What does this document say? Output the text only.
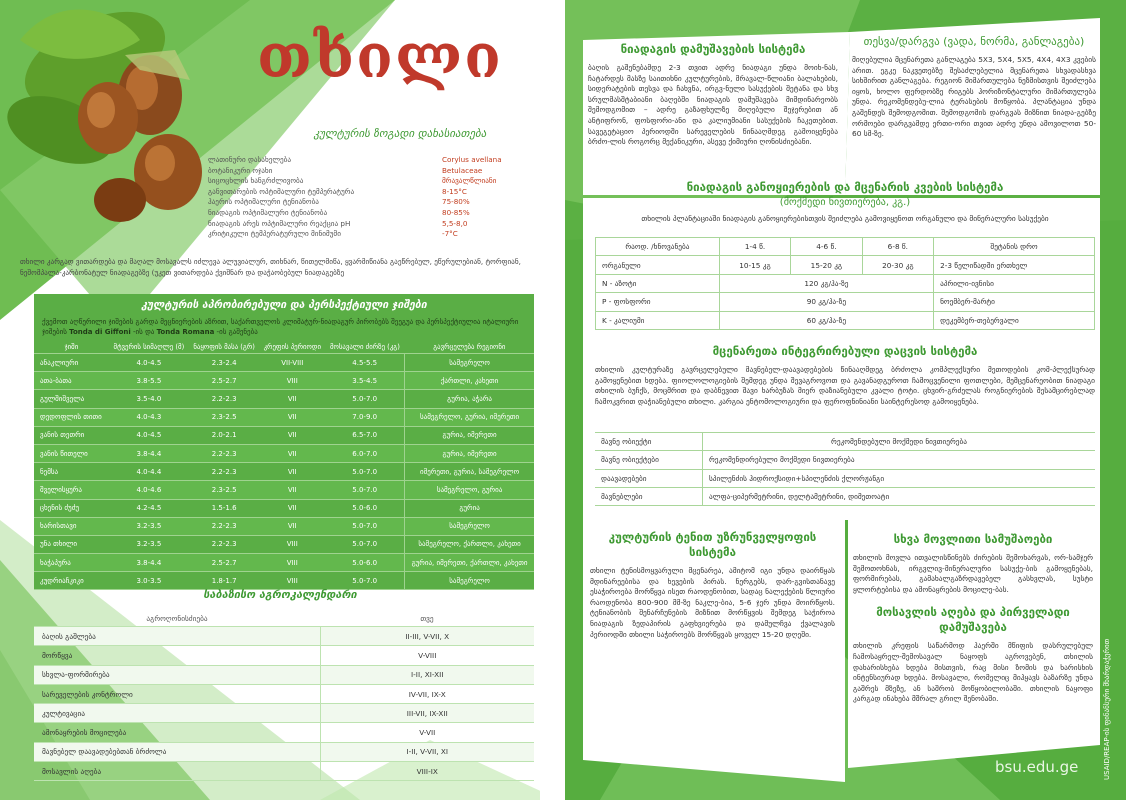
თხილი
კულტურის ზოგადი დახასიათება
ლათინური დასახელება	Corylus avellana
ბოტანიკური ოჯახი	Betulaceae
სიცოცხლის ხანგრძლივობა	მრავალწლიანი
განვითარების ოპტიმალური ტემპერატურა	8-15°C
ჰაერის ოპტიმალური ტენიანობა	75-80%
ნიადაგის ოპტიმალური ტენიანობა	80-85%
ნიადაგის არეს ოპტიმალური რეაქცია pH	5,5-8,0
კრიტიკული ტემპერატურული მინიმუმი	-7°C

თხილი კარგად ვითარდება და მაღალ მოსავალს იძლევა ალუვიალურ, თიხნარ, წითელმიწა, ყვარმიწიანა გაეწრებულ, ეწერულებიან, ტორფიან, ნეშომპალა-კარბონატულ ნიადაგებზე (უკეთ ვითარდება ქვიშნარ და დაჭაობებულ ნიადაგებზე

კულტურის აპრობირებული და პერსპექტიული ჯიშები
ქვემოთ აღწერილი ჯიშების გარდა მეცნიერების აზრით, საქართველოს კლიმატურ-ნიადაგურ პირობებს შეეგუა და პერსპექტიულია იტალიური ჯიშების Tonda di Giffoni -ის და Tonda Romana -ის გაშენება
ჯიში	მტვერის სიმაღლე (მ)	ნაყოფის მასა (გრ)	კრეფის პერიოდი	მოსავალი ძირზე (კგ)	გავრცელება რეგიონი
ანაკლიური	4.0-4.5	2.3-2.4	VII-VIII	4.5-5.5	სამეგრელო
ათა-ბათა	3.8-5.5	2.5-2.7	VIII	3.5-4.5	ქართლი, კახეთი
გულშიშველა	3.5-4.0	2.2-2.3	VII	5.0-7.0	გურია, აჭარა
დედოფლის თითი	4.0-4.3	2.3-2.5	VII	7.0-9.0	სამეგრელო, გურია, იმერეთი
ვანის თეთრი	4.0-4.5	2.0-2.1	VII	6.5-7.0	გურია, იმერეთი
ვანის წითელი	3.8-4.4	2.2-2.3	VII	6.0-7.0	გურია, იმერეთი
ნემსა	4.0-4.4	2.2-2.3	VII	5.0-7.0	იმერეთი, გურია, სამეგრელო
შველისყურა	4.0-4.6	2.3-2.5	VII	5.0-7.0	სამეგრელო, გურია
ცხენის ძუძუ	4.2-4.5	1.5-1.6	VII	5.0-6.0	გურია
ხარისთავი	3.2-3.5	2.2-2.3	VII	5.0-7.0	სამეგრელო
უნა თხილი	3.2-3.5	2.2-2.3	VIII	5.0-7.0	სამეგრელო, ქართლი, კახეთი
ხაჭაპურა	3.8-4.4	2.5-2.7	VIII	5.0-6.0	გურია, იმერეთი, ქართლი, კახეთი
კუდრიაჩკიკი	3.0-3.5	1.8-1.7	VIII	5.0-7.0	სამეგრელო
საბაზისო აგროკალენდარი
აგროღონისძიება	თვე
ბაღის გაშლება	II-III, V-VII, X
მორწყვა	V-VIII
სხვლა-ფორმირება	I-II, XI-XII
სარეველების კონტროლი	IV-VII, IX-X
კულტივაცია	III-VII, IX-XII
ამონაყრების მოცილება	V-VII
მავნებელ დაავადებებთან ბრძოლა	I-II, V-VII, XI
მოსავლის აღება	VIII-IX

ნიადაგის დამუშავების სისტემა

ბაღის გაშენებამდე 2-3 თვით ადრე ნიადაგი უნდა მოიხ-ნას, ჩატარდეს მასზე საითიხნი კულტურების, მრავალ-წლიანი ბალახების, სიდერატების თესვა და ჩახვნა, ირგვ-ნული სასუქების შეტანა და სხვ სრულმასშტაბიანი ბაღებში ნიადაგის დამუშავება მიმდინარეობს შემოდგომით – ადრე გაზაფხულზე მიღებული შეჯერებით ან ანტიფრონ, ფოსფორი-ანი და კალიუმიანი სასუქების ჩაკეთებით. სავეგეტაციო პერიოდში სარეველების წინააღმდეგ გამოიყენება ბრძო-ლის როგორც მექანიკური, ასევე ქიმიური ღონისძიებანი.

თესვა/დარგვა (ვადა, ნორმა, განლაგება)

მიღებულია მცენარეთა განლაგება 5X3, 5X4, 5X5, 4X4, 4X3 კვების არით. ეგკე ნაკვეთებზე შესაძლებელია მცენარეთა სხვადასხვა სიხშირით განლაგება. რეგიონ მიმართულება ნეზმისთვის შეიძლება იყოს, ხოლო ფერდობზე რიგებს ჰორიზონტალური მიმართულება უნდა. რეკომენდებუ-ლია ტერასების მოწყობა. პლანტაცია უნდა გაშენდეს შემოდგომით. შემოდგომის დარგვას მიზნით ნიადა-გებზე ორმოები დარგვამდე ერთი-ორი თვით ადრე უნდა ამოვილოთ 50-60 სმ-ზე.

ნიადაგის განოყიერების და მცენარის კვების სისტემა

(მოქმედი ნივთიერება, კგ.)

თხილის პლანტაციაში ნიადაგის განოყიერებისთვის შეიძლება გამოვიყენოთ ორგანული და მინერალური სასუქები

რაოდ. /ხნოვანება	1-4 წ.	4-6 წ.	6-8 წ.	შეტანის დრო
ორგანული	10-15 კგ	15-20 კგ	20-30 კგ	2-3 წელიწადში ერთხელ
N - აზოტი	120 კგ/ჰა-ზე			აპრილი-ივნისი
P - ფოსფორი	90 კგ/ჰა-ზე			ნოემბერ-მარტი
K - კალიუმი	60 კგ/ჰა-ზე			დეკემბერ-თებერვალი

მცენარეთა ინტეგრირებული დაცვის სისტემა

თხილის კულტურაზე გავრცელებული მავნებელ-დაავადებების წინააღმდეგ ბრძოლა კომპლექსური მეთოდების კომ-პლექსურად გამოყენებით ხდება. ფიოლოლოგიების შემდეგ უნდა შევაგროვოთ და გავანადგუროთ ჩამოცვენილი ფოთლები, მემცენარეობით ნიადაგი თხილის ბუჩქს, მოცმრით და დაბნევით შავი ხარბუზას მიერ დაზიანებული კვალი ტოტი. ცხვირ-გრძელას როგნიერების შესამცირებლად ჩამოკვრით დაჭიანებული თხილი. კარგია ენტომოლოგიური და ფეროფნინიანი საინტერესოდ გამოიყენება.

მავნე ობიექტი	რეკომენდებული მოქმედი ნივთიერება
მავნე ობიექტები	რეკომენდირებული მოქმედი ნივთიერება
დაავადებები	სპილენძის ჰიდროქსიდი+სპილენძის ქლორჟანგი
მავნებლები	ალფა-ციპერმეტრინი, დელტამეტრინი, დიმეთოატი

კულტურის ტენით უზრუნველყოფის სისტემა

თხილი ტენისმოყვარული მცენარეა, ამიტომ იგი უნდა დაირწყას მდინარეებისა და ხევების პირას. ნერგებს, დარ-გვისთანავე ესაჭიროება მორწყვა ისეთ რაოდენობით, სადაც ნალექების წლიური რაოდენობა 800-900 მმ-ზე ნაკლე-ბია, 5-6 ჯერ უნდა მოირწყოს. ტენიანობის შენარჩუნების მიზნით მორწყვის შემდეგ საჭიროა ნიადაგის ზედაპირის გაფხვიერება და დამულჩვა ქვალავის პერიოდში თხილი საჭიროებს მორწყვას ყოველ 15-20 დღეში.

სხვა მოვლითი სამუშაოები

თხილის მოვლა ითვალისწინებს ძირების შემოხარვას, ორ-სამჯერ შემოთოხნას, ირგვლივ-მინერალური სასუქე-ბის გამოყენებას, ფორმირებას, გამახალგაზრდავებელ გასხვლას, სუსტი ყლორტებისა და ამონაყრების მოცილე-ბას.

მოსავლის აღება და პირველადი დამუშავება

თხილის კრეფის საწარმოდ ჰაერში მწიფის დასრულებულ ჩამოსაყრელ-შემოსავალ ნაყოფს აგროვებენ, თხილის დახარისხება ხდება მისთვის, რაც მისი ზომის და ხარისხის ინტენსიურად ხდება. მოსავალი, რომელიც მიჰყავს ბაზარზე უნდა გაშრეს მზეზე, ან საშრობ მოწყობილობაში. თხილის ნაყოფი კარგად ინახება მშრალ გრილ შენობაში.	USAID/REAP-ის ფინანსური მხარდაჭერით
bsu.edu.ge
